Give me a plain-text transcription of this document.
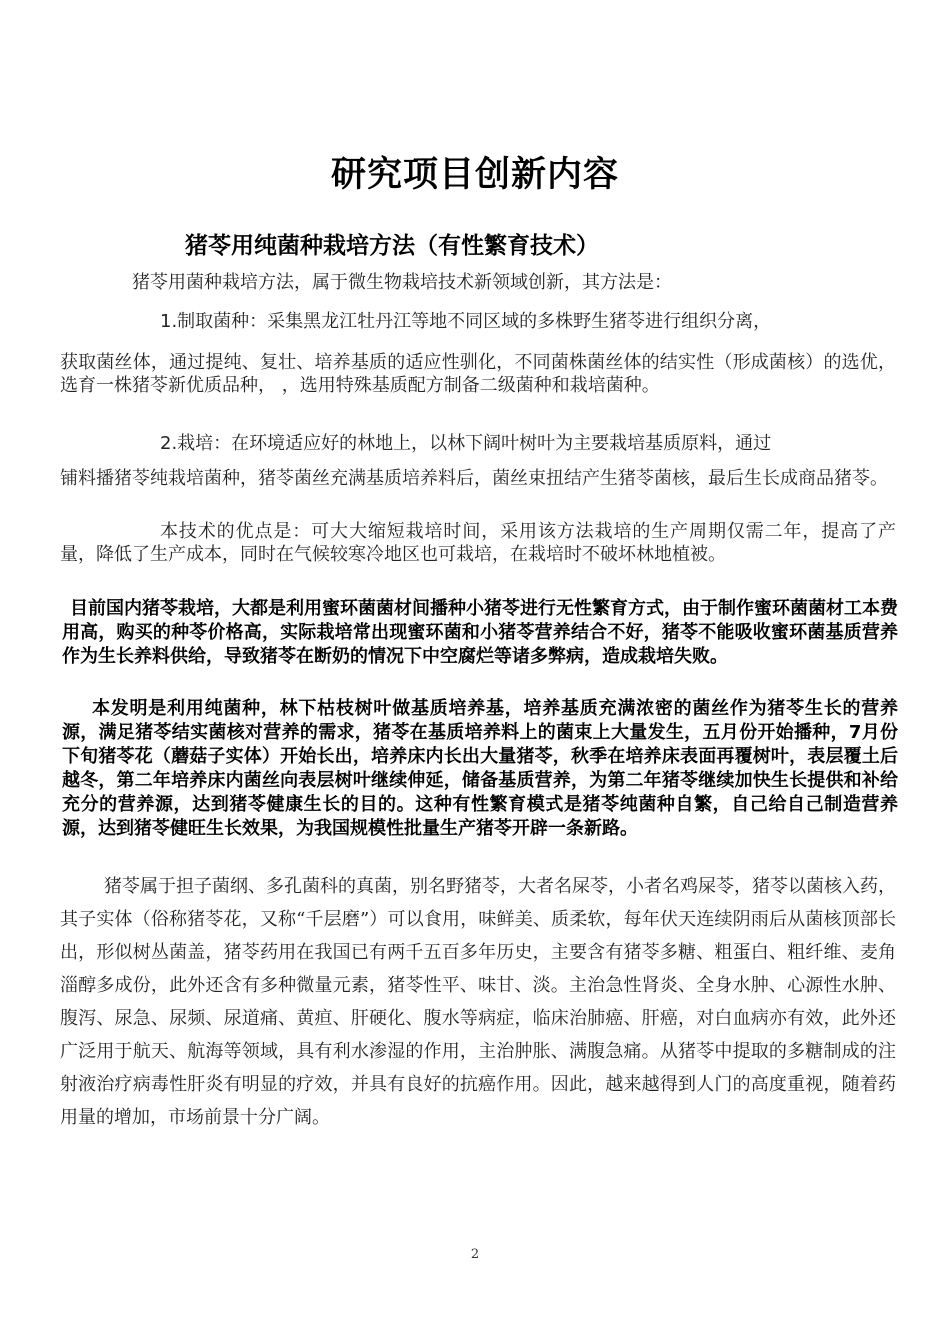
研究项目创新内容
猪苓用纯菌种栽培方法（有性繁育技术）

猪苓用菌种栽培方法，属于微生物栽培技术新领域创新，其方法是：

1.制取菌种：采集黑龙江牡丹江等地不同区域的多株野生猪苓进行组织分离，
获取菌丝体，通过提纯、复壮、培养基质的适应性驯化，不同菌株菌丝体的结实性（形成菌核）的选优，选育一株猪苓新优质品种， ，选用特殊基质配方制备二级菌种和栽培菌种。

2.栽培：在环境适应好的林地上，以林下阔叶树叶为主要栽培基质原料，通过
铺料播猪苓纯栽培菌种，猪苓菌丝充满基质培养料后，菌丝束扭结产生猪苓菌核，最后生长成商品猪苓。

本技术的优点是：可大大缩短栽培时间，采用该方法栽培的生产周期仅需二年，提高了产量，降低了生产成本，同时在气候较寒冷地区也可栽培，在栽培时不破坏林地植被。

目前国内猪苓栽培，大都是利用蜜环菌菌材间播种小猪苓进行无性繁育方式，由于制作蜜环菌菌材工本费用高，购买的种苓价格高，实际栽培常出现蜜环菌和小猪苓营养结合不好，猪苓不能吸收蜜环菌基质营养作为生长养料供给，导致猪苓在断奶的情况下中空腐烂等诸多弊病，造成栽培失败。

本发明是利用纯菌种，林下枯枝树叶做基质培养基，培养基质充满浓密的菌丝作为猪苓生长的营养源，满足猪苓结实菌核对营养的需求，猪苓在基质培养料上的菌束上大量发生，五月份开始播种，7月份下旬猪苓花（蘑菇子实体）开始长出，培养床内长出大量猪苓，秋季在培养床表面再覆树叶，表层覆土后越冬，第二年培养床内菌丝向表层树叶继续伸延，储备基质营养，为第二年猪苓继续加快生长提供和补给充分的营养源，达到猪苓健康生长的目的。这种有性繁育模式是猪苓纯菌种自繁，自己给自己制造营养源，达到猪苓健旺生长效果，为我国规模性批量生产猪苓开辟一条新路。

猪苓属于担子菌纲、多孔菌科的真菌，别名野猪苓，大者名屎苓，小者名鸡屎苓，猪苓以菌核入药，其子实体（俗称猪苓花，又称“千层磨”）可以食用，味鲜美、质柔软，每年伏天连续阴雨后从菌核顶部长出，形似树丛菌盖，猪苓药用在我国已有两千五百多年历史，主要含有猪苓多糖、粗蛋白、粗纤维、麦角淄醇多成份，此外还含有多种微量元素，猪苓性平、味甘、淡。主治急性肾炎、全身水肿、心源性水肿、腹泻、尿急、尿频、尿道痛、黄疸、肝硬化、腹水等病症，临床治肺癌、肝癌，对白血病亦有效，此外还广泛用于航天、航海等领域，具有利水渗湿的作用，主治肿胀、满腹急痛。从猪苓中提取的多糖制成的注射液治疗病毒性肝炎有明显的疗效，并具有良好的抗癌作用。因此，越来越得到人门的高度重视，随着药用量的增加，市场前景十分广阔。

2
